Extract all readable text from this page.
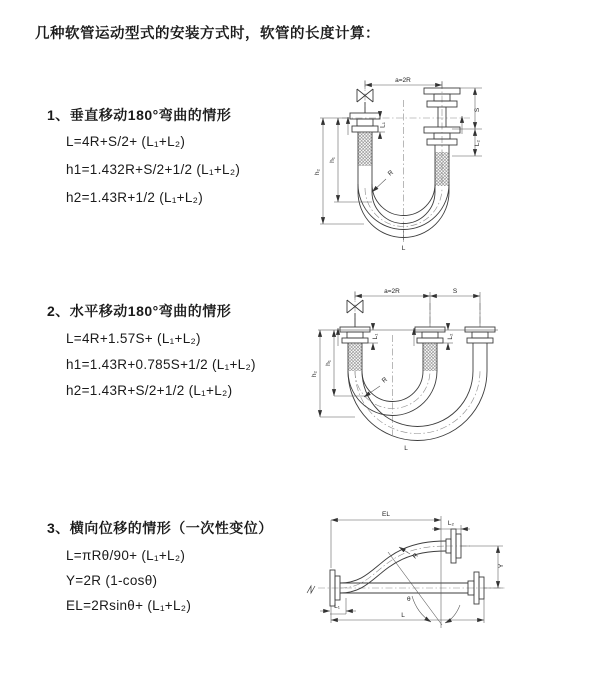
几种软管运动型式的安装方式时，软管的长度计算：
1、垂直移动180°弯曲的情形
L=4R+S/2+ (L₁+L₂)
h1=1.432R+S/2+1/2 (L₁+L₂)
h2=1.43R+1/2 (L₁+L₂)
2、水平移动180°弯曲的情形
L=4R+1.57S+ (L₁+L₂)
h1=1.43R+0.785S+1/2 (L₁+L₂)
h2=1.43R+S/2+1/2 (L₁+L₂)
3、横向位移的情形（一次性变位）
L=πRθ/90+ (L₁+L₂)
Y=2R (1-cosθ)
EL=2Rsinθ+ (L₁+L₂)
a=2R
S
L₂
h₁
h₂
L₁
R
L
a=2R	S
h₁
h₂
L₁	L₂
R
L
EL
L₂
Y
R
θ
L₁
L
